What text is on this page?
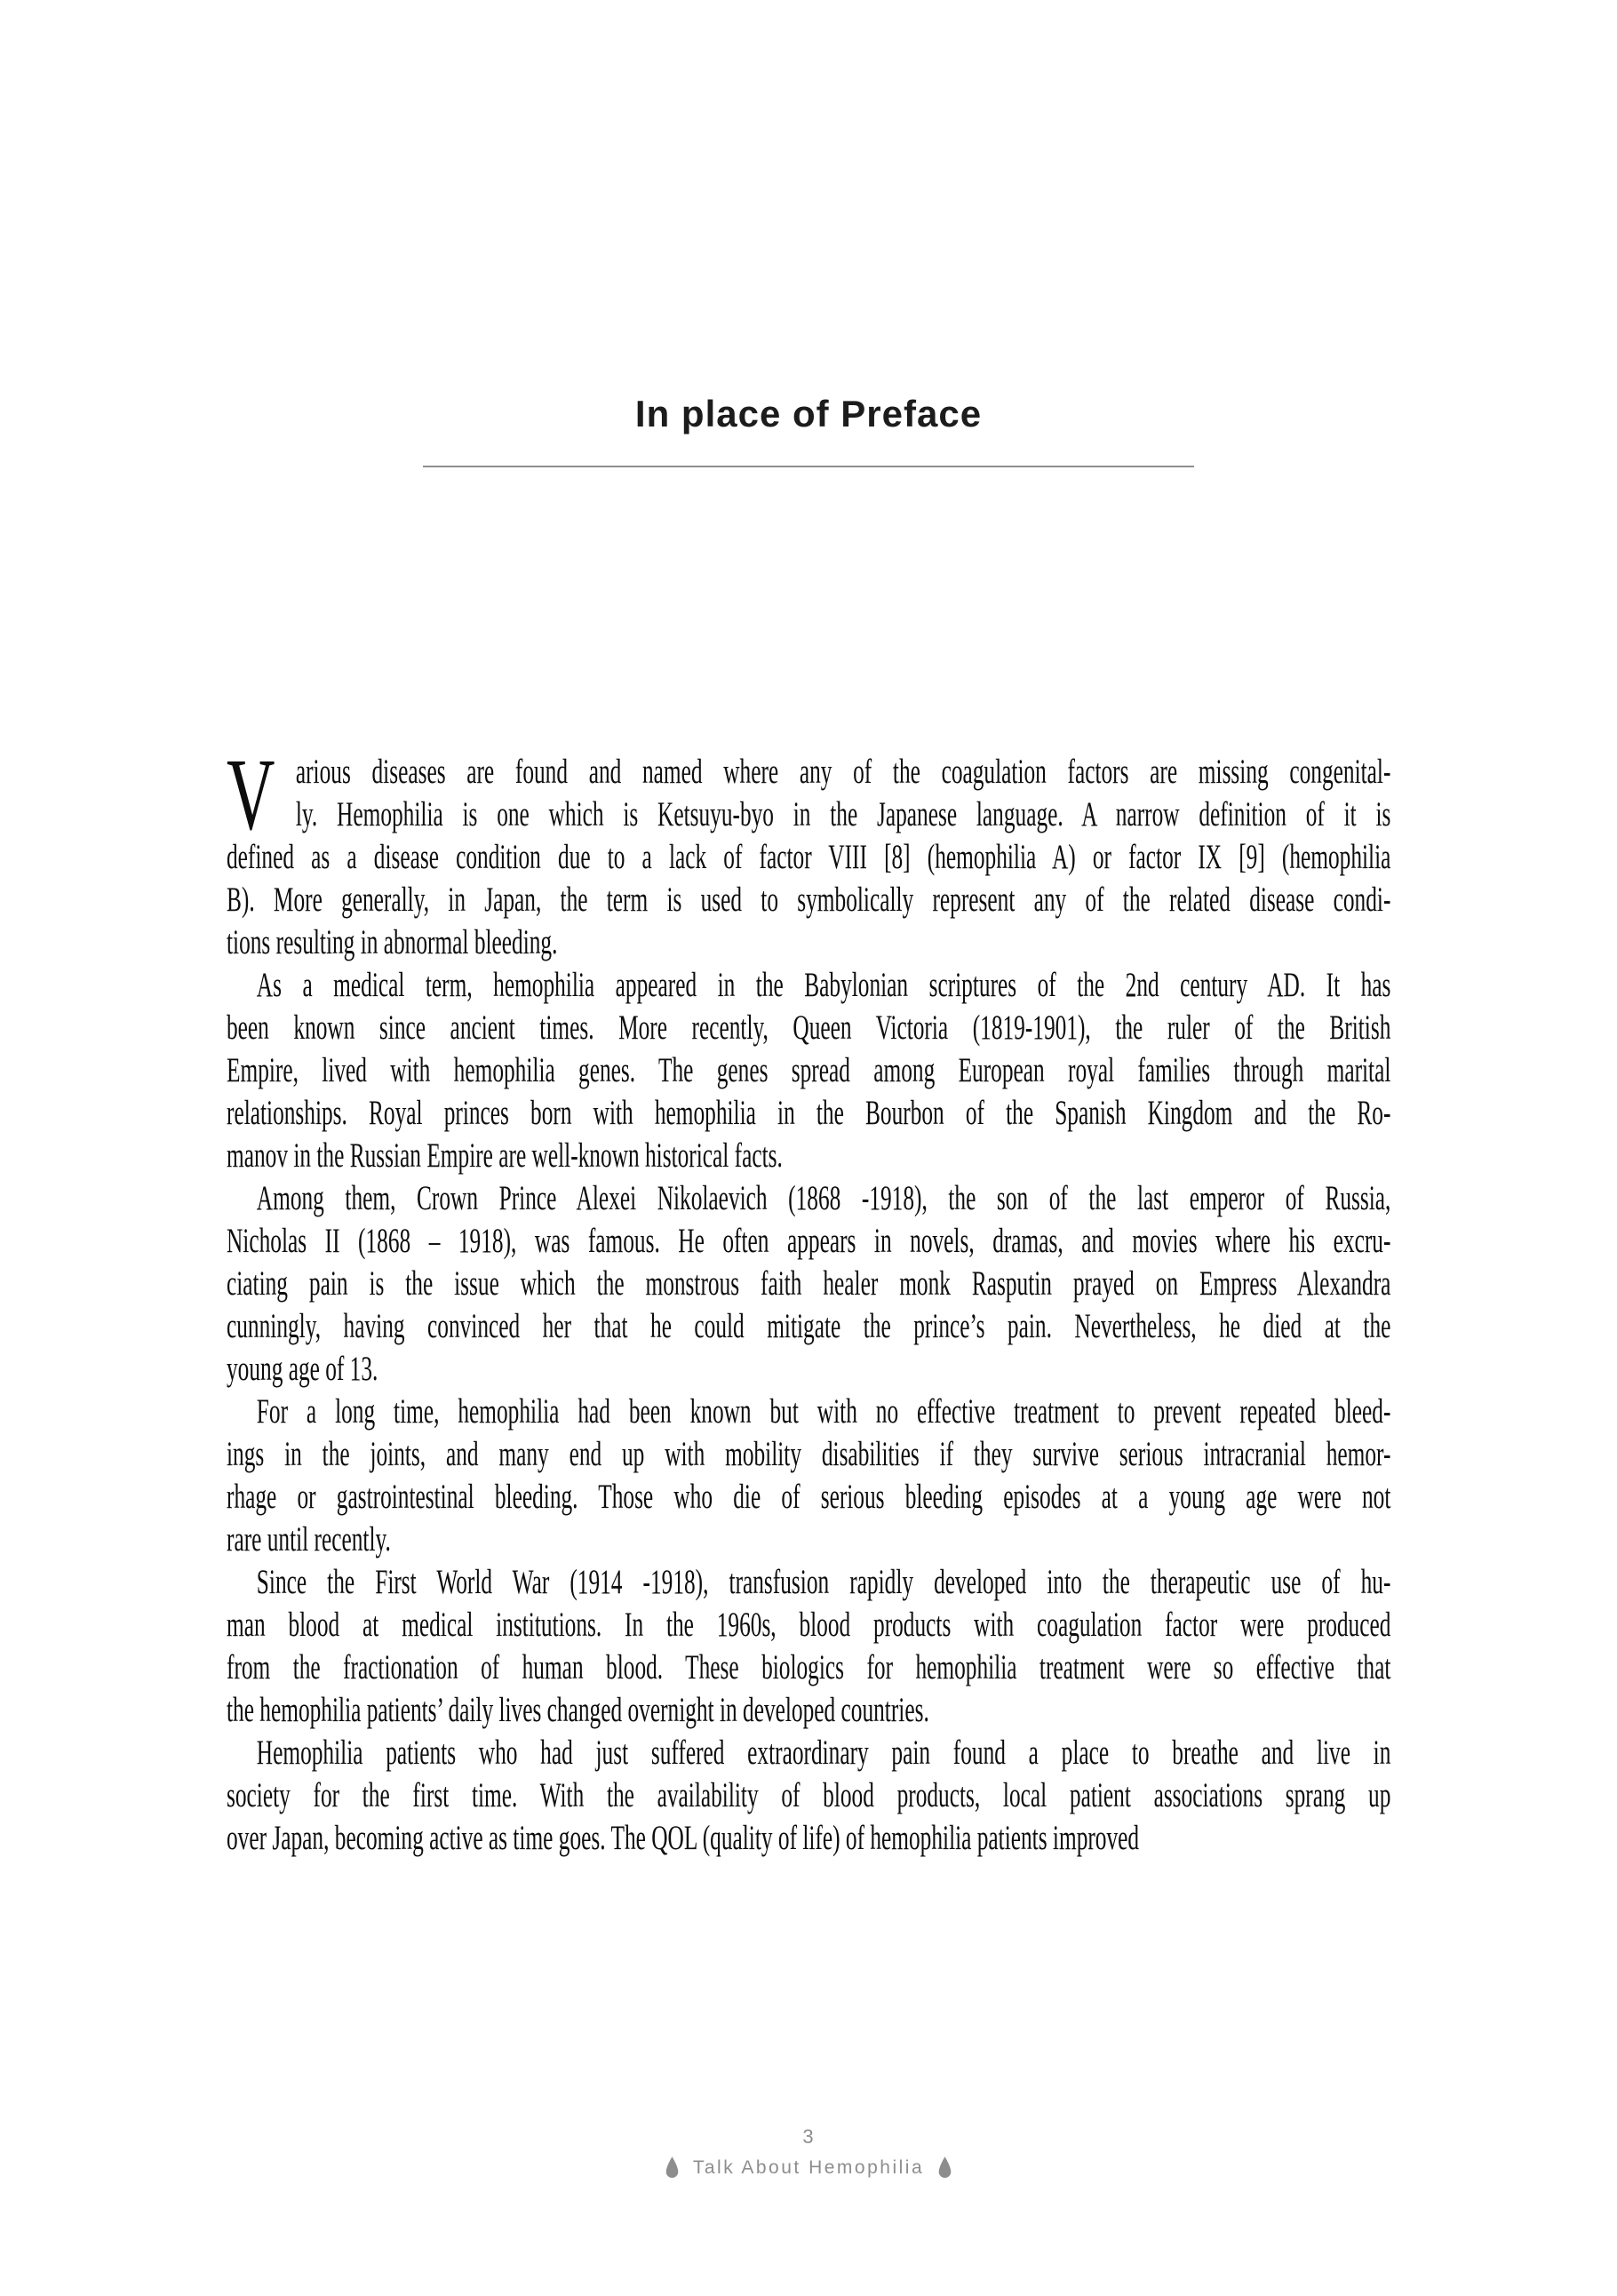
In place of Preface
V arious diseases are found and named where any of the coagulation factors are missing congenital-
ly. Hemophilia is one which is Ketsuyu-byo in the Japanese language. A narrow definition of it is
defined as a disease condition due to a lack of factor VIII [8] (hemophilia A) or factor IX [9] (hemophilia
B). More generally, in Japan, the term is used to symbolically represent any of the related disease condi-
tions resulting in abnormal bleeding.
As a medical term, hemophilia appeared in the Babylonian scriptures of the 2nd century AD. It has
been known since ancient times. More recently, Queen Victoria (1819-1901), the ruler of the British
Empire, lived with hemophilia genes. The genes spread among European royal families through marital
relationships. Royal princes born with hemophilia in the Bourbon of the Spanish Kingdom and the Ro-
manov in the Russian Empire are well-known historical facts.
Among them, Crown Prince Alexei Nikolaevich (1868 -1918), the son of the last emperor of Russia,
Nicholas II (1868 – 1918), was famous. He often appears in novels, dramas, and movies where his excru-
ciating pain is the issue which the monstrous faith healer monk Rasputin prayed on Empress Alexandra
cunningly, having convinced her that he could mitigate the prince’s pain. Nevertheless, he died at the
young age of 13.
For a long time, hemophilia had been known but with no effective treatment to prevent repeated bleed-
ings in the joints, and many end up with mobility disabilities if they survive serious intracranial hemor-
rhage or gastrointestinal bleeding. Those who die of serious bleeding episodes at a young age were not
rare until recently.
Since the First World War (1914 -1918), transfusion rapidly developed into the therapeutic use of hu-
man blood at medical institutions. In the 1960s, blood products with coagulation factor were produced
from the fractionation of human blood. These biologics for hemophilia treatment were so effective that
the hemophilia patients’ daily lives changed overnight in developed countries.
Hemophilia patients who had just suffered extraordinary pain found a place to breathe and live in
society for the first time. With the availability of blood products, local patient associations sprang up
over Japan, becoming active as time goes. The QOL (quality of life) of hemophilia patients improved
3
Talk About Hemophilia
